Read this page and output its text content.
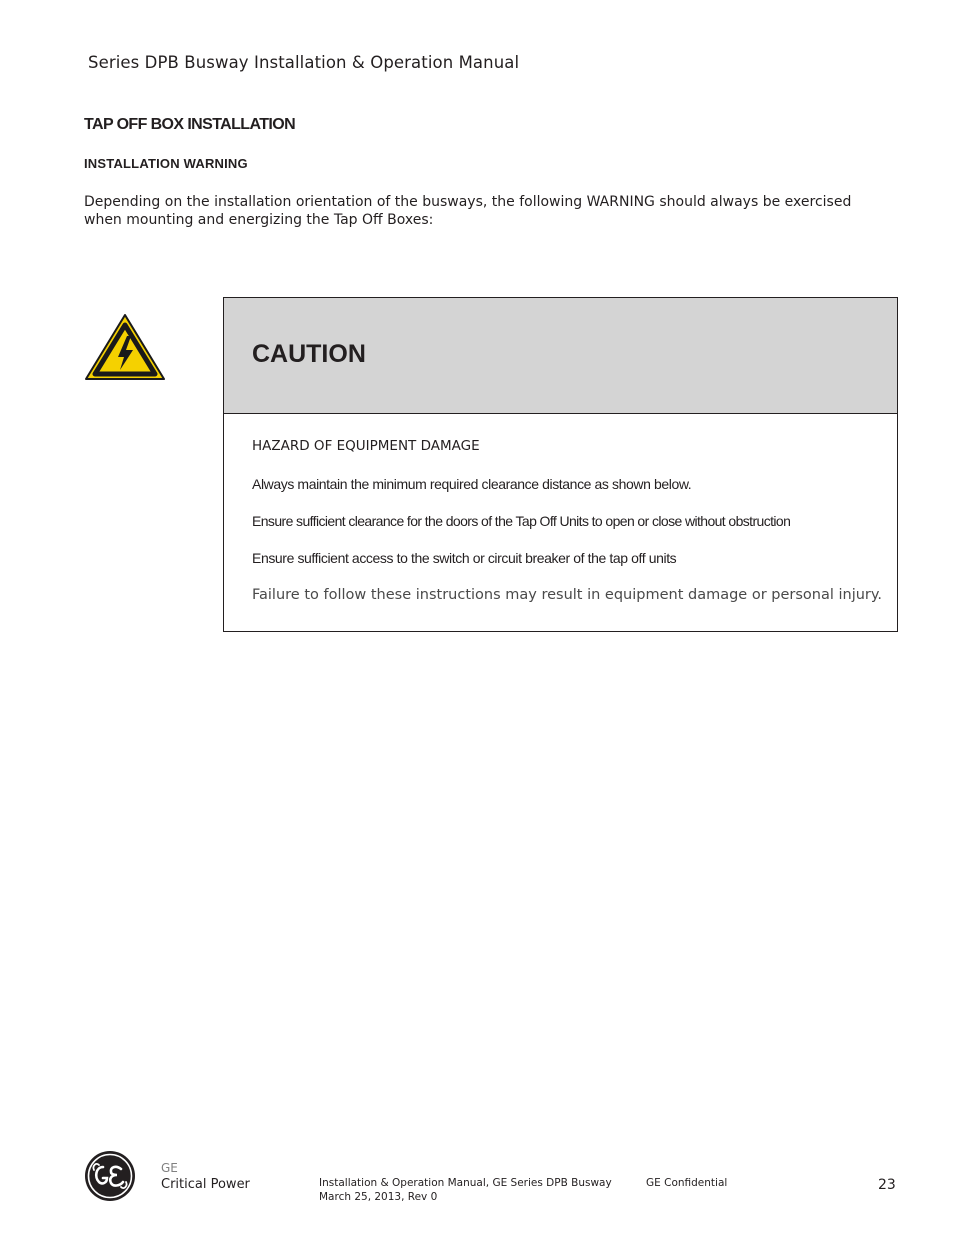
Series DPB Busway Installation & Operation Manual
TAP OFF BOX INSTALLATION
INSTALLATION WARNING
Depending on the installation orientation of the busways, the following WARNING should always be exercised when mounting and energizing the Tap Off Boxes:
CAUTION
HAZARD OF EQUIPMENT DAMAGE
Always maintain the minimum required clearance distance as shown below.
Ensure sufficient clearance for the doors of the Tap Off Units to open or close without obstruction
Ensure sufficient access to the switch or circuit breaker of the tap off units
Failure to follow these instructions may result in equipment damage or personal injury.
GE
Critical Power	Installation & Operation Manual, GE Series DPB Busway
March 25, 2013, Rev 0
GE Confidential	23
